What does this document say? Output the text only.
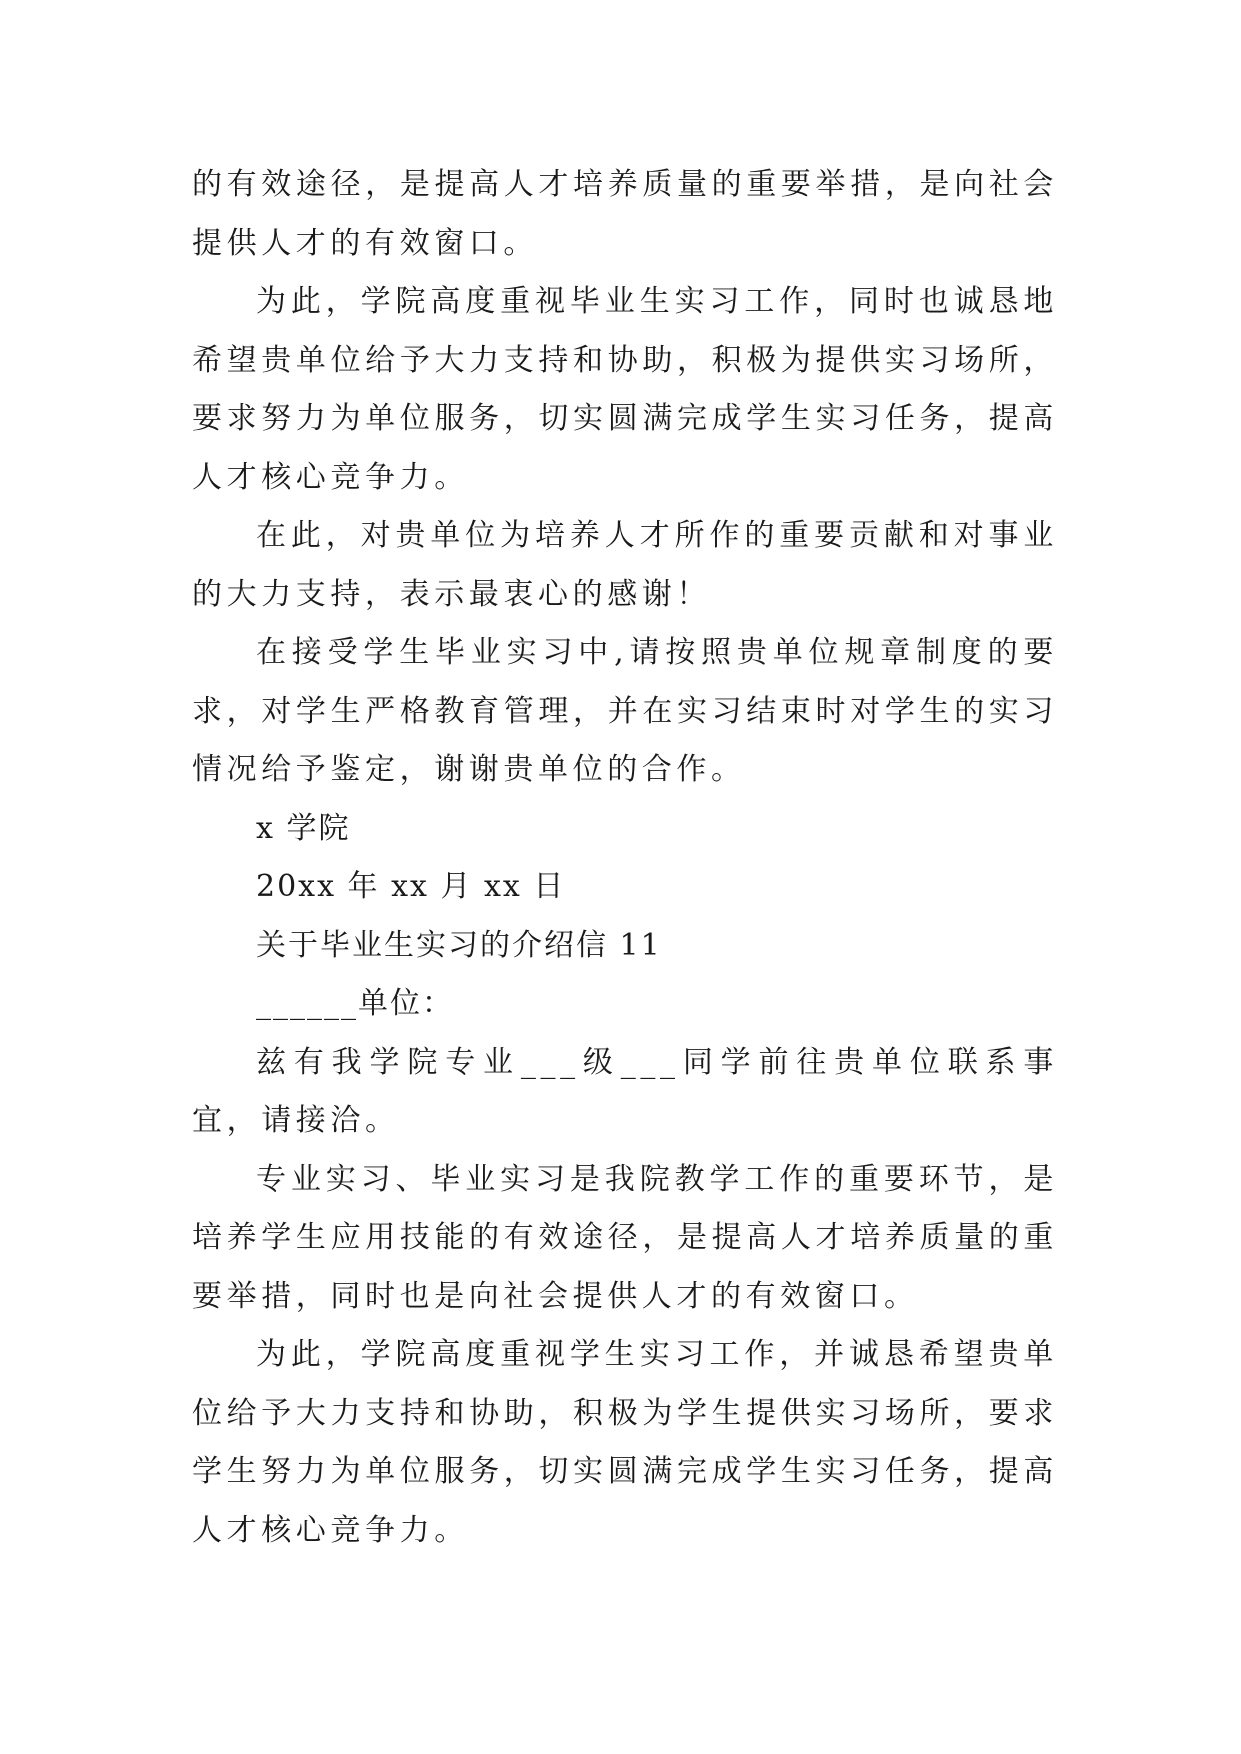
的有效途径，是提高人才培养质量的重要举措，是向社会提供人才的有效窗口。

为此，学院高度重视毕业生实习工作，同时也诚恳地希望贵单位给予大力支持和协助，积极为提供实习场所，要求努力为单位服务，切实圆满完成学生实习任务，提高人才核心竞争力。

在此，对贵单位为培养人才所作的重要贡献和对事业的大力支持，表示最衷心的感谢！

在接受学生毕业实习中,请按照贵单位规章制度的要求，对学生严格教育管理，并在实习结束时对学生的实习情况给予鉴定，谢谢贵单位的合作。

x 学院

20xx 年 xx 月 xx 日

关于毕业生实习的介绍信 11

______单位：

兹有我学院专业___级___同学前往贵单位联系事宜，请接洽。

专业实习、毕业实习是我院教学工作的重要环节，是培养学生应用技能的有效途径，是提高人才培养质量的重要举措，同时也是向社会提供人才的有效窗口。

为此，学院高度重视学生实习工作，并诚恳希望贵单位给予大力支持和协助，积极为学生提供实习场所，要求学生努力为单位服务，切实圆满完成学生实习任务，提高人才核心竞争力。
